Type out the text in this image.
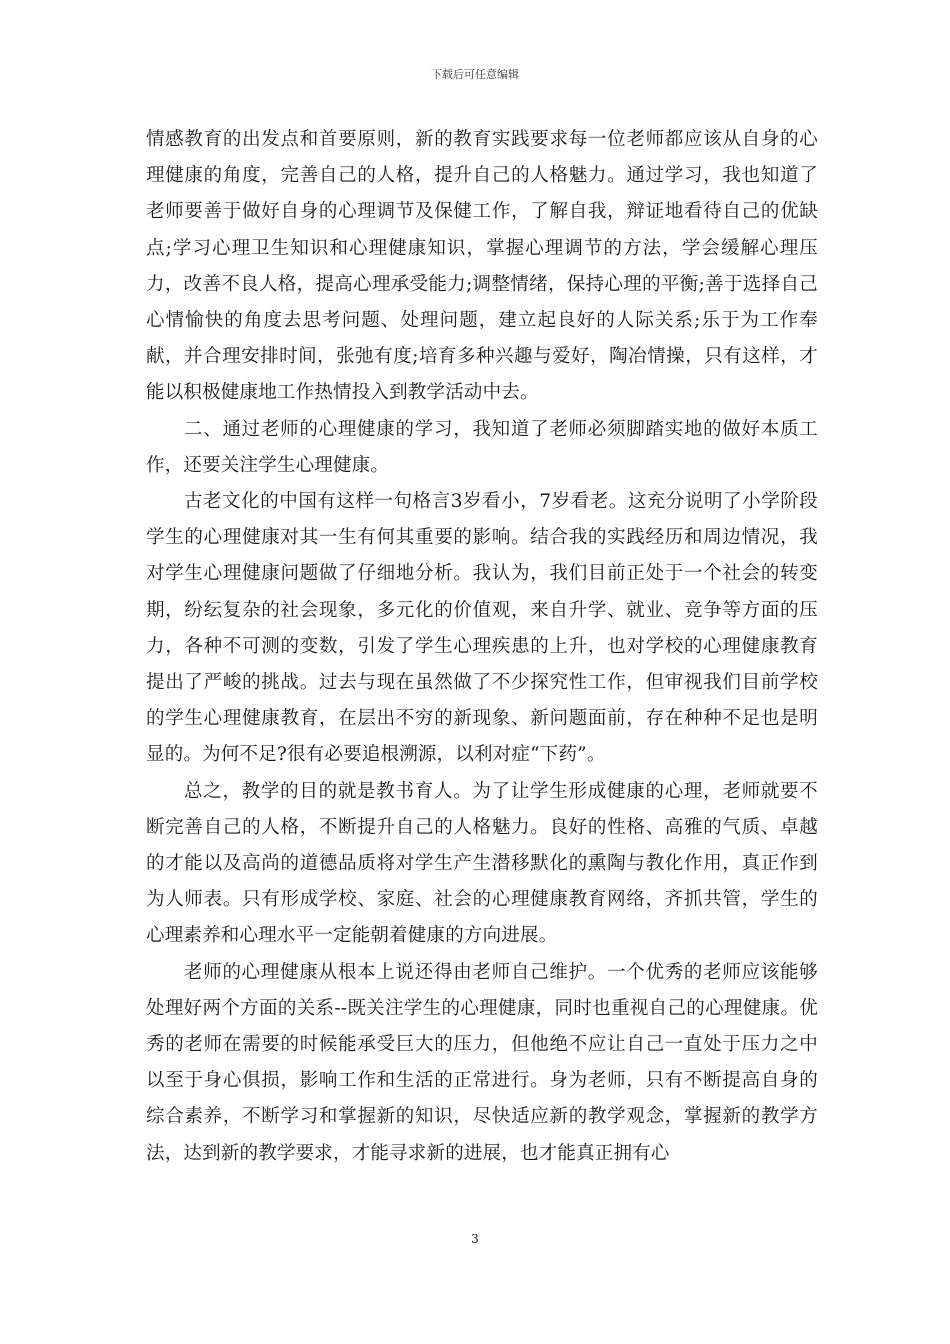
下载后可任意编辑

情感教育的出发点和首要原则，新的教育实践要求每一位老师都应该从自身的心理健康的角度，完善自己的人格，提升自己的人格魅力。通过学习，我也知道了老师要善于做好自身的心理调节及保健工作，了解自我，辩证地看待自己的优缺点;学习心理卫生知识和心理健康知识，掌握心理调节的方法，学会缓解心理压力，改善不良人格，提高心理承受能力;调整情绪，保持心理的平衡;善于选择自己心情愉快的角度去思考问题、处理问题，建立起良好的人际关系;乐于为工作奉献，并合理安排时间，张弛有度;培育多种兴趣与爱好，陶冶情操，只有这样，才能以积极健康地工作热情投入到教学活动中去。

二、通过老师的心理健康的学习，我知道了老师必须脚踏实地的做好本质工作，还要关注学生心理健康。

古老文化的中国有这样一句格言3岁看小，7岁看老。这充分说明了小学阶段学生的心理健康对其一生有何其重要的影响。结合我的实践经历和周边情况，我对学生心理健康问题做了仔细地分析。我认为，我们目前正处于一个社会的转变期，纷纭复杂的社会现象，多元化的价值观，来自升学、就业、竞争等方面的压力，各种不可测的变数，引发了学生心理疾患的上升，也对学校的心理健康教育提出了严峻的挑战。过去与现在虽然做了不少探究性工作，但审视我们目前学校的学生心理健康教育，在层出不穷的新现象、新问题面前，存在种种不足也是明显的。为何不足?很有必要追根溯源，以利对症“下药”。

总之，教学的目的就是教书育人。为了让学生形成健康的心理，老师就要不断完善自己的人格，不断提升自己的人格魅力。良好的性格、高雅的气质、卓越的才能以及高尚的道德品质将对学生产生潜移默化的熏陶与教化作用，真正作到为人师表。只有形成学校、家庭、社会的心理健康教育网络，齐抓共管，学生的心理素养和心理水平一定能朝着健康的方向进展。

老师的心理健康从根本上说还得由老师自己维护。一个优秀的老师应该能够处理好两个方面的关系--既关注学生的心理健康，同时也重视自己的心理健康。优秀的老师在需要的时候能承受巨大的压力，但他绝不应让自己一直处于压力之中以至于身心俱损，影响工作和生活的正常进行。身为老师，只有不断提高自身的综合素养，不断学习和掌握新的知识，尽快适应新的教学观念，掌握新的教学方法，达到新的教学要求，才能寻求新的进展，也才能真正拥有心

3
